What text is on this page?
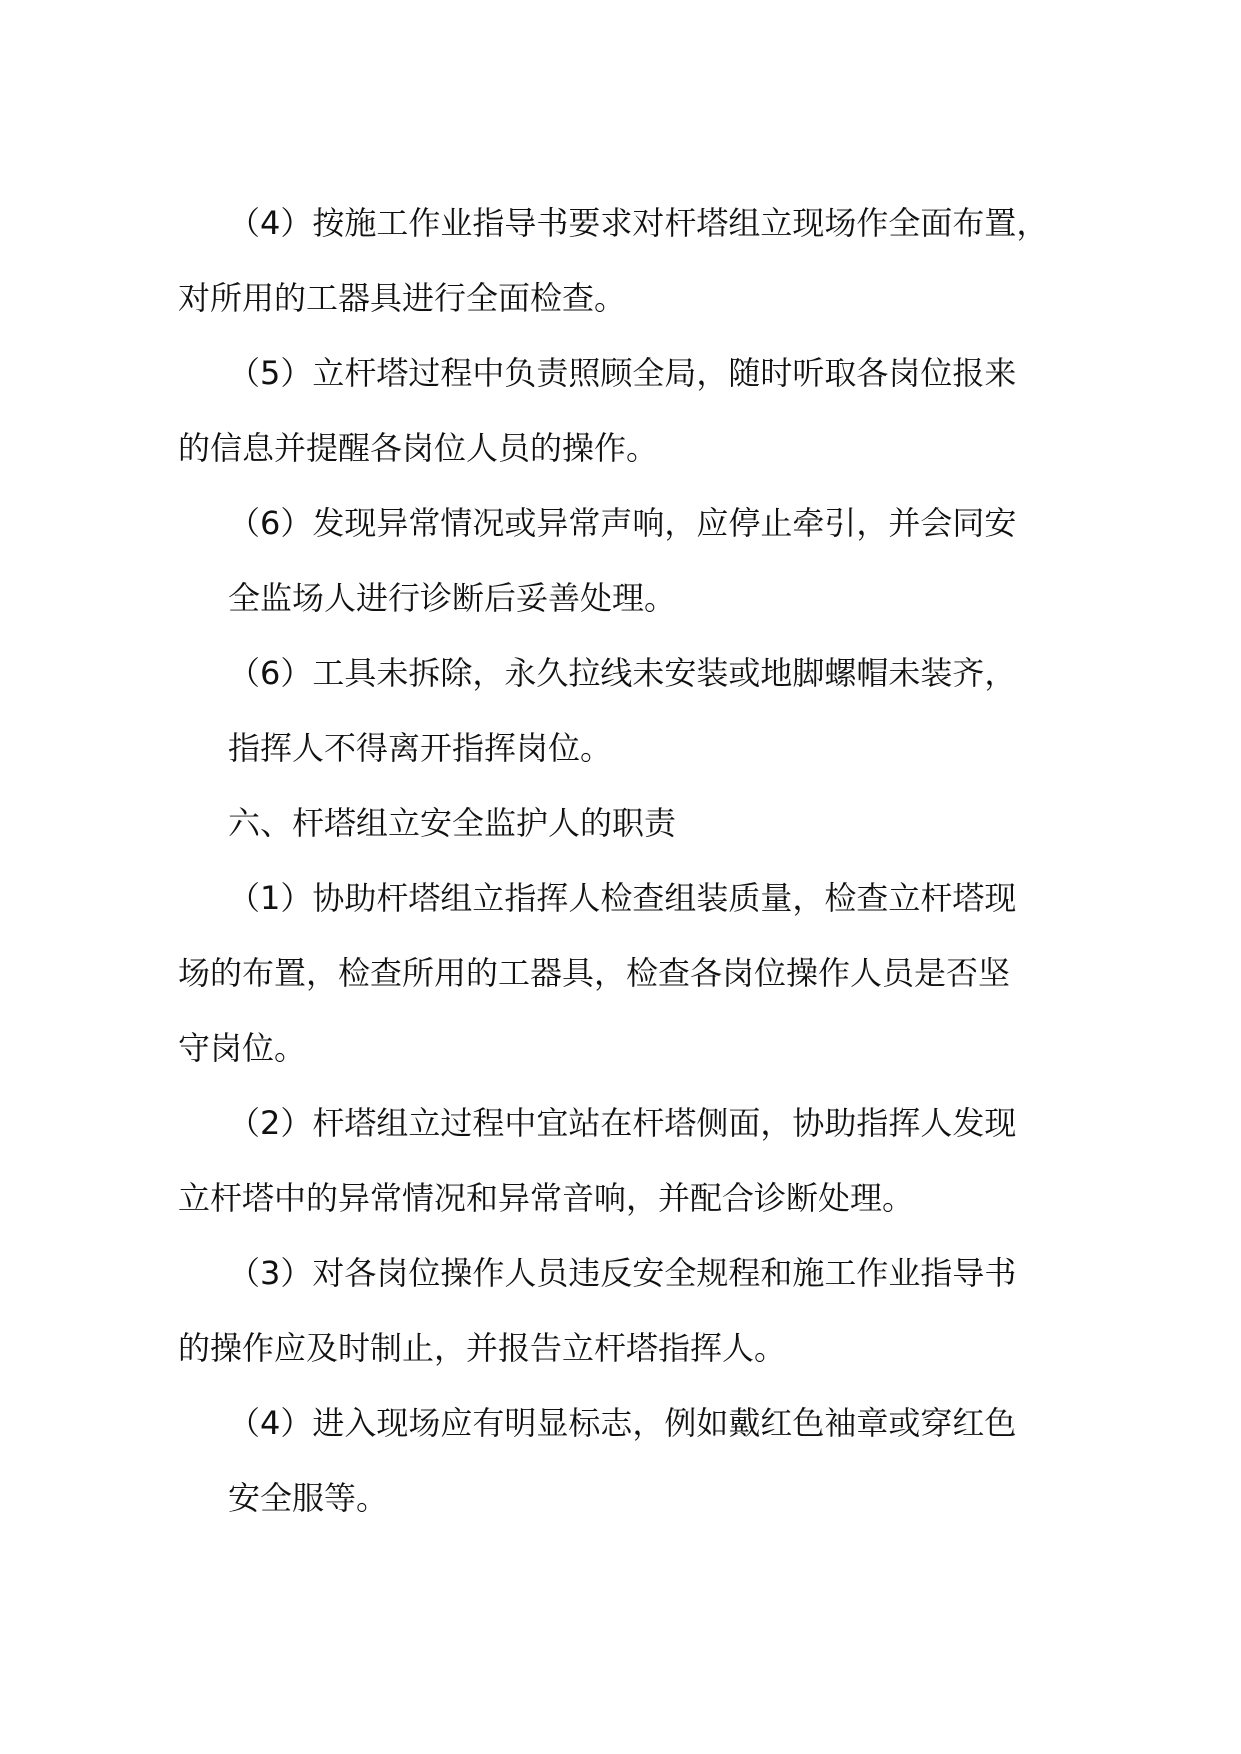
（4）按施工作业指导书要求对杆塔组立现场作全面布置，
对所用的工器具进行全面检查。
（5）立杆塔过程中负责照顾全局，随时听取各岗位报来
的信息并提醒各岗位人员的操作。
（6）发现异常情况或异常声响，应停止牵引，并会同安
全监场人进行诊断后妥善处理。
（6）工具未拆除，永久拉线未安装或地脚螺帽未装齐，
指挥人不得离开指挥岗位。
六、杆塔组立安全监护人的职责
（1）协助杆塔组立指挥人检查组装质量，检查立杆塔现
场的布置，检查所用的工器具，检查各岗位操作人员是否坚
守岗位。
（2）杆塔组立过程中宜站在杆塔侧面，协助指挥人发现
立杆塔中的异常情况和异常音响，并配合诊断处理。
（3）对各岗位操作人员违反安全规程和施工作业指导书
的操作应及时制止，并报告立杆塔指挥人。
（4）进入现场应有明显标志，例如戴红色袖章或穿红色
安全服等。
